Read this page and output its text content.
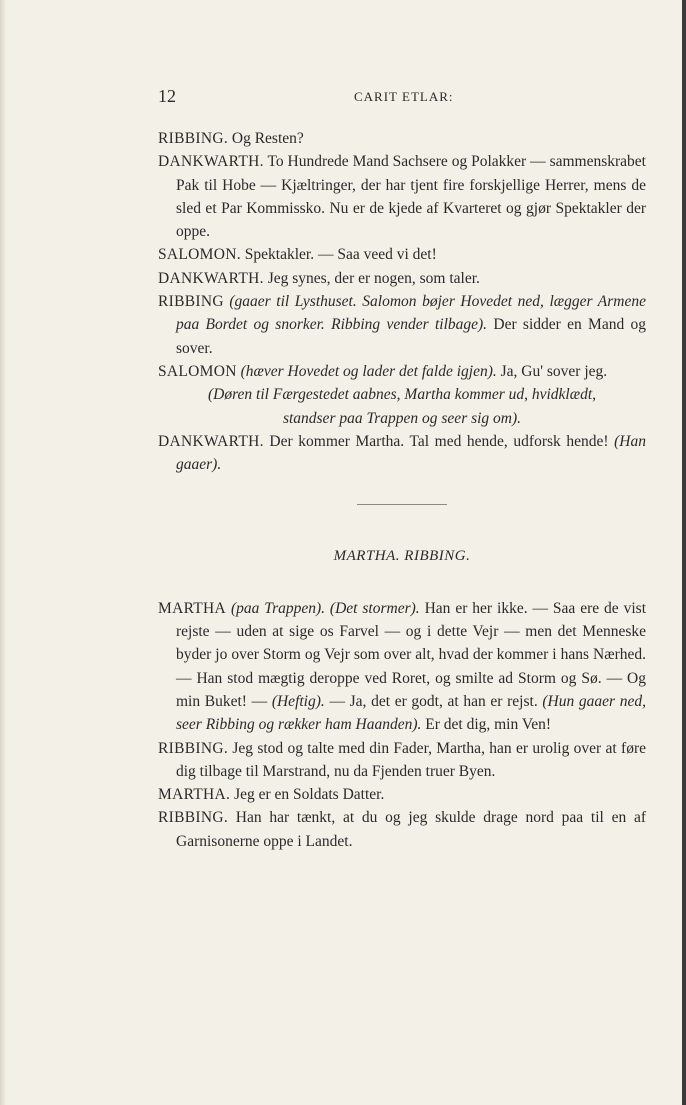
12	CARIT ETLAR:

RIBBING. Og Resten?

DANKWARTH. To Hundrede Mand Sachsere og Polakker — sammenskrabet Pak til Hobe — Kjæltringer, der har tjent fire forskjellige Herrer, mens de sled et Par Kommissko. Nu er de kjede af Kvarteret og gjør Spektakler der oppe.

SALOMON. Spektakler. — Saa veed vi det!

DANKWARTH. Jeg synes, der er nogen, som taler.

RIBBING (gaaer til Lysthuset. Salomon bøjer Hovedet ned, lægger Armene paa Bordet og snorker. Ribbing vender tilbage). Der sidder en Mand og sover.

SALOMON (hæver Hovedet og lader det falde igjen). Ja, Gu' sover jeg.

(Døren til Færgestedet aabnes, Martha kommer ud, hvidklædt,
standser paa Trappen og seer sig om).

DANKWARTH. Der kommer Martha. Tal med hende, udforsk hende! (Han gaaer).

MARTHA. RIBBING.

MARTHA (paa Trappen). (Det stormer). Han er her ikke. — Saa ere de vist rejste — uden at sige os Farvel — og i dette Vejr — men det Menneske byder jo over Storm og Vejr som over alt, hvad der kommer i hans Nærhed. — Han stod mægtig deroppe ved Roret, og smilte ad Storm og Sø. — Og min Buket! — (Heftig). — Ja, det er godt, at han er rejst. (Hun gaaer ned, seer Ribbing og rækker ham Haanden). Er det dig, min Ven!

RIBBING. Jeg stod og talte med din Fader, Martha, han er urolig over at føre dig tilbage til Marstrand, nu da Fjenden truer Byen.

MARTHA. Jeg er en Soldats Datter.

RIBBING. Han har tænkt, at du og jeg skulde drage nord paa til en af Garnisonerne oppe i Landet.
